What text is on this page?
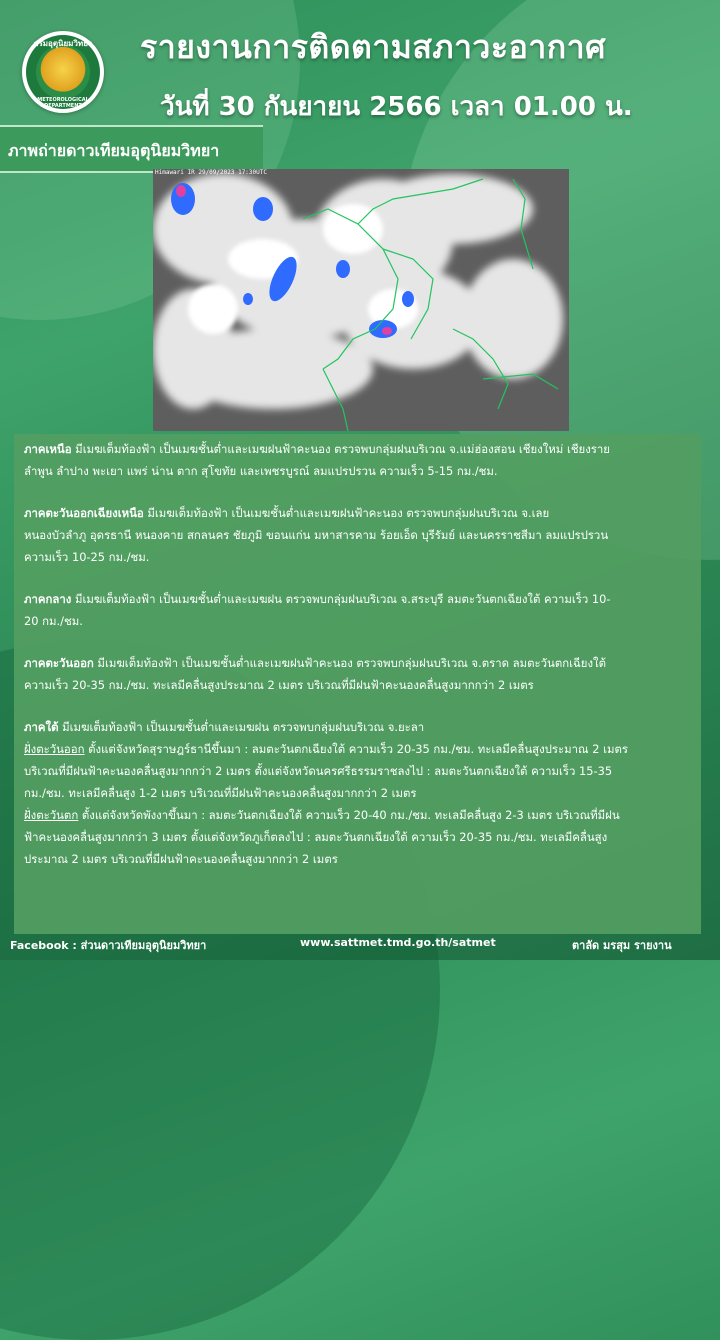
กรมอุตุนิยมวิทยา
METEOROLOGICAL DEPARTMENT
รายงานการติดตามสภาวะอากาศ
วันที่ 30 กันยายน 2566 เวลา 01.00 น.
ภาพถ่ายดาวเทียมอุตุนิยมวิทยา
Himawari IR 29/09/2023 17:30UTC

ภาคเหนือ มีเมฆเต็มท้องฟ้า เป็นเมฆชั้นต่ำและเมฆฝนฟ้าคะนอง ตรวจพบกลุ่มฝนบริเวณ จ.แม่ฮ่องสอน เชียงใหม่ เชียงราย
ลำพูน ลำปาง พะเยา แพร่ น่าน ตาก สุโขทัย และเพชรบูรณ์ ลมแปรปรวน ความเร็ว 5-15 กม./ชม.

ภาคตะวันออกเฉียงเหนือ มีเมฆเต็มท้องฟ้า เป็นเมฆชั้นต่ำและเมฆฝนฟ้าคะนอง ตรวจพบกลุ่มฝนบริเวณ จ.เลย
หนองบัวลำภู อุดรธานี หนองคาย สกลนคร ชัยภูมิ ขอนแก่น มหาสารคาม ร้อยเอ็ด บุรีรัมย์ และนครราชสีมา ลมแปรปรวน
ความเร็ว 10-25 กม./ชม.

ภาคกลาง มีเมฆเต็มท้องฟ้า เป็นเมฆชั้นต่ำและเมฆฝน ตรวจพบกลุ่มฝนบริเวณ จ.สระบุรี ลมตะวันตกเฉียงใต้ ความเร็ว 10-
20 กม./ชม.

ภาคตะวันออก มีเมฆเต็มท้องฟ้า เป็นเมฆชั้นต่ำและเมฆฝนฟ้าคะนอง ตรวจพบกลุ่มฝนบริเวณ จ.ตราด ลมตะวันตกเฉียงใต้
ความเร็ว 20-35 กม./ชม. ทะเลมีคลื่นสูงประมาณ 2 เมตร บริเวณที่มีฝนฟ้าคะนองคลื่นสูงมากกว่า 2 เมตร

ภาคใต้ มีเมฆเต็มท้องฟ้า เป็นเมฆชั้นต่ำและเมฆฝน ตรวจพบกลุ่มฝนบริเวณ จ.ยะลา
ฝั่งตะวันออก ตั้งแต่จังหวัดสุราษฎร์ธานีขึ้นมา : ลมตะวันตกเฉียงใต้ ความเร็ว 20-35 กม./ชม. ทะเลมีคลื่นสูงประมาณ 2 เมตร
บริเวณที่มีฝนฟ้าคะนองคลื่นสูงมากกว่า 2 เมตร ตั้งแต่จังหวัดนครศรีธรรมราชลงไป : ลมตะวันตกเฉียงใต้ ความเร็ว 15-35
กม./ชม. ทะเลมีคลื่นสูง 1-2 เมตร บริเวณที่มีฝนฟ้าคะนองคลื่นสูงมากกว่า 2 เมตร
ฝั่งตะวันตก ตั้งแต่จังหวัดพังงาขึ้นมา : ลมตะวันตกเฉียงใต้ ความเร็ว 20-40 กม./ชม. ทะเลมีคลื่นสูง 2-3 เมตร บริเวณที่มีฝน
ฟ้าคะนองคลื่นสูงมากกว่า 3 เมตร ตั้งแต่จังหวัดภูเก็ตลงไป : ลมตะวันตกเฉียงใต้ ความเร็ว 20-35 กม./ชม. ทะเลมีคลื่นสูง
ประมาณ 2 เมตร บริเวณที่มีฝนฟ้าคะนองคลื่นสูงมากกว่า 2 เมตร

Facebook : ส่วนดาวเทียมอุตุนิยมวิทยา	www.sattmet.tmd.go.th/satmet	ตาลัด มรสุม รายงาน
